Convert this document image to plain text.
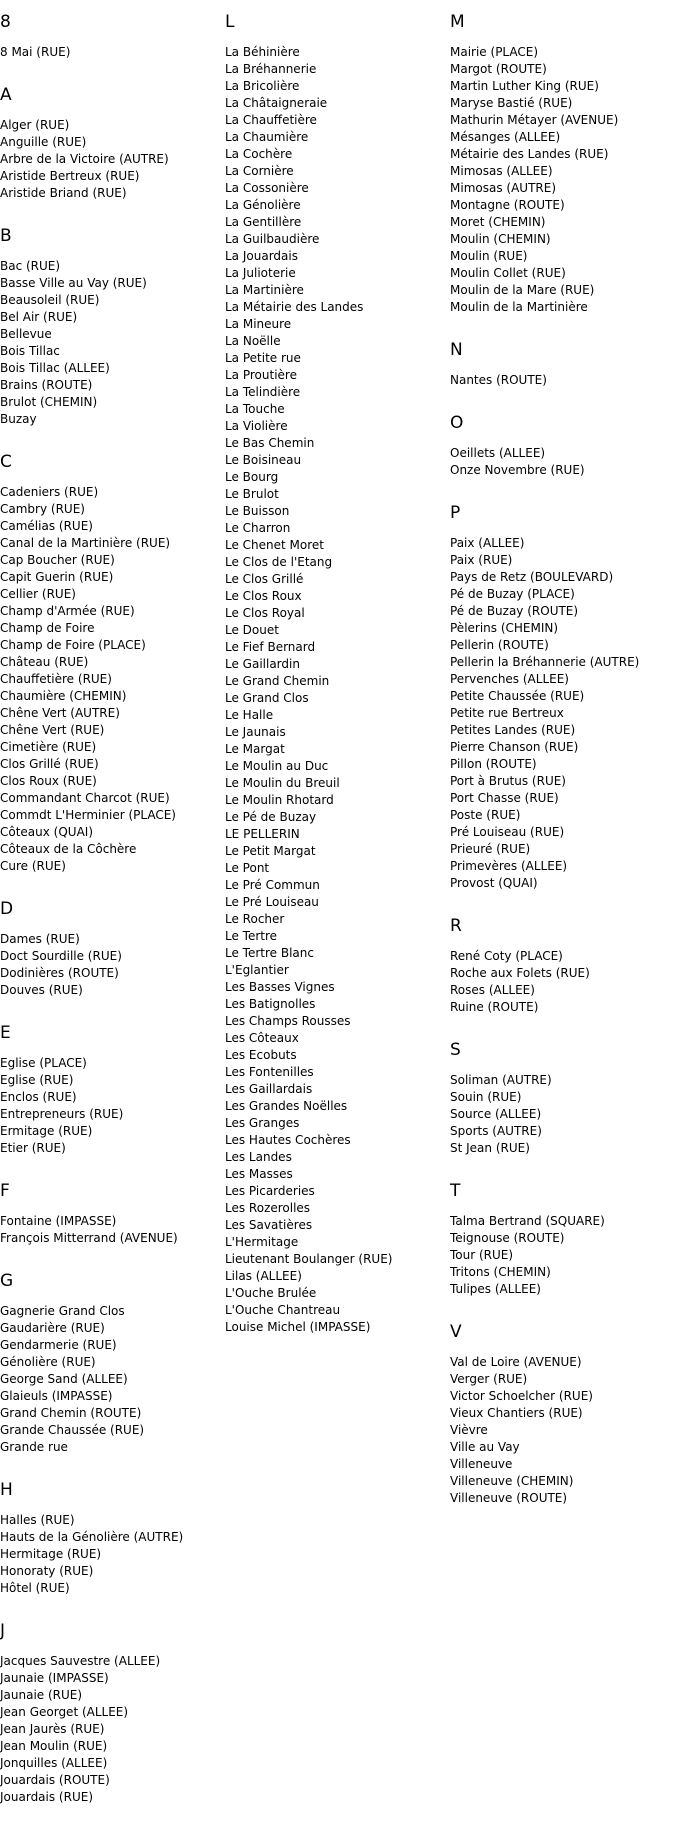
8
8 Mai (RUE)
A
Alger (RUE)
Anguille (RUE)
Arbre de la Victoire (AUTRE)
Aristide Bertreux (RUE)
Aristide Briand (RUE)
B
Bac (RUE)
Basse Ville au Vay (RUE)
Beausoleil (RUE)
Bel Air (RUE)
Bellevue
Bois Tillac
Bois Tillac (ALLEE)
Brains (ROUTE)
Brulot (CHEMIN)
Buzay
C
Cadeniers (RUE)
Cambry (RUE)
Camélias (RUE)
Canal de la Martinière (RUE)
Cap Boucher (RUE)
Capit Guerin (RUE)
Cellier (RUE)
Champ d'Armée (RUE)
Champ de Foire
Champ de Foire (PLACE)
Château (RUE)
Chauffetière (RUE)
Chaumière (CHEMIN)
Chêne Vert (AUTRE)
Chêne Vert (RUE)
Cimetière (RUE)
Clos Grillé (RUE)
Clos Roux (RUE)
Commandant Charcot (RUE)
Commdt L'Herminier (PLACE)
Côteaux (QUAI)
Côteaux de la Côchère
Cure (RUE)
D
Dames (RUE)
Doct Sourdille (RUE)
Dodinières (ROUTE)
Douves (RUE)
E
Eglise (PLACE)
Eglise (RUE)
Enclos (RUE)
Entrepreneurs (RUE)
Ermitage (RUE)
Etier (RUE)
F
Fontaine (IMPASSE)
François Mitterrand (AVENUE)
G
Gagnerie Grand Clos
Gaudarière (RUE)
Gendarmerie (RUE)
Génolière (RUE)
George Sand (ALLEE)
Glaieuls (IMPASSE)
Grand Chemin (ROUTE)
Grande Chaussée (RUE)
Grande rue
H
Halles (RUE)
Hauts de la Génolière (AUTRE)
Hermitage (RUE)
Honoraty (RUE)
Hôtel (RUE)
J
Jacques Sauvestre (ALLEE)
Jaunaie (IMPASSE)
Jaunaie (RUE)
Jean Georget (ALLEE)
Jean Jaurès (RUE)
Jean Moulin (RUE)
Jonquilles (ALLEE)
Jouardais (ROUTE)
Jouardais (RUE)
L
La Béhinière
La Bréhannerie
La Bricolière
La Châtaigneraie
La Chauffetière
La Chaumière
La Cochère
La Cornière
La Cossonière
La Génolière
La Gentillère
La Guilbaudière
La Jouardais
La Julioterie
La Martinière
La Métairie des Landes
La Mineure
La Noëlle
La Petite rue
La Proutière
La Telindière
La Touche
La Violière
Le Bas Chemin
Le Boisineau
Le Bourg
Le Brulot
Le Buisson
Le Charron
Le Chenet Moret
Le Clos de l'Etang
Le Clos Grillé
Le Clos Roux
Le Clos Royal
Le Douet
Le Fief Bernard
Le Gaillardin
Le Grand Chemin
Le Grand Clos
Le Halle
Le Jaunais
Le Margat
Le Moulin au Duc
Le Moulin du Breuil
Le Moulin Rhotard
Le Pé de Buzay
LE PELLERIN
Le Petit Margat
Le Pont
Le Pré Commun
Le Pré Louiseau
Le Rocher
Le Tertre
Le Tertre Blanc
L'Eglantier
Les Basses Vignes
Les Batignolles
Les Champs Rousses
Les Côteaux
Les Ecobuts
Les Fontenilles
Les Gaillardais
Les Grandes Noëlles
Les Granges
Les Hautes Cochères
Les Landes
Les Masses
Les Picarderies
Les Rozerolles
Les Savatières
L'Hermitage
Lieutenant Boulanger (RUE)
Lilas (ALLEE)
L'Ouche Brulée
L'Ouche Chantreau
Louise Michel (IMPASSE)
M
Mairie (PLACE)
Margot (ROUTE)
Martin Luther King (RUE)
Maryse Bastié (RUE)
Mathurin Métayer (AVENUE)
Mésanges (ALLEE)
Métairie des Landes (RUE)
Mimosas (ALLEE)
Mimosas (AUTRE)
Montagne (ROUTE)
Moret (CHEMIN)
Moulin (CHEMIN)
Moulin (RUE)
Moulin Collet (RUE)
Moulin de la Mare (RUE)
Moulin de la Martinière
N
Nantes (ROUTE)
O
Oeillets (ALLEE)
Onze Novembre (RUE)
P
Paix (ALLEE)
Paix (RUE)
Pays de Retz (BOULEVARD)
Pé de Buzay (PLACE)
Pé de Buzay (ROUTE)
Pèlerins (CHEMIN)
Pellerin (ROUTE)
Pellerin la Bréhannerie (AUTRE)
Pervenches (ALLEE)
Petite Chaussée (RUE)
Petite rue Bertreux
Petites Landes (RUE)
Pierre Chanson (RUE)
Pillon (ROUTE)
Port à Brutus (RUE)
Port Chasse (RUE)
Poste (RUE)
Pré Louiseau (RUE)
Prieuré (RUE)
Primevères (ALLEE)
Provost (QUAI)
R
René Coty (PLACE)
Roche aux Folets (RUE)
Roses (ALLEE)
Ruine (ROUTE)
S
Soliman (AUTRE)
Souin (RUE)
Source (ALLEE)
Sports (AUTRE)
St Jean (RUE)
T
Talma Bertrand (SQUARE)
Teignouse (ROUTE)
Tour (RUE)
Tritons (CHEMIN)
Tulipes (ALLEE)
V
Val de Loire (AVENUE)
Verger (RUE)
Victor Schoelcher (RUE)
Vieux Chantiers (RUE)
Vièvre
Ville au Vay
Villeneuve
Villeneuve (CHEMIN)
Villeneuve (ROUTE)
